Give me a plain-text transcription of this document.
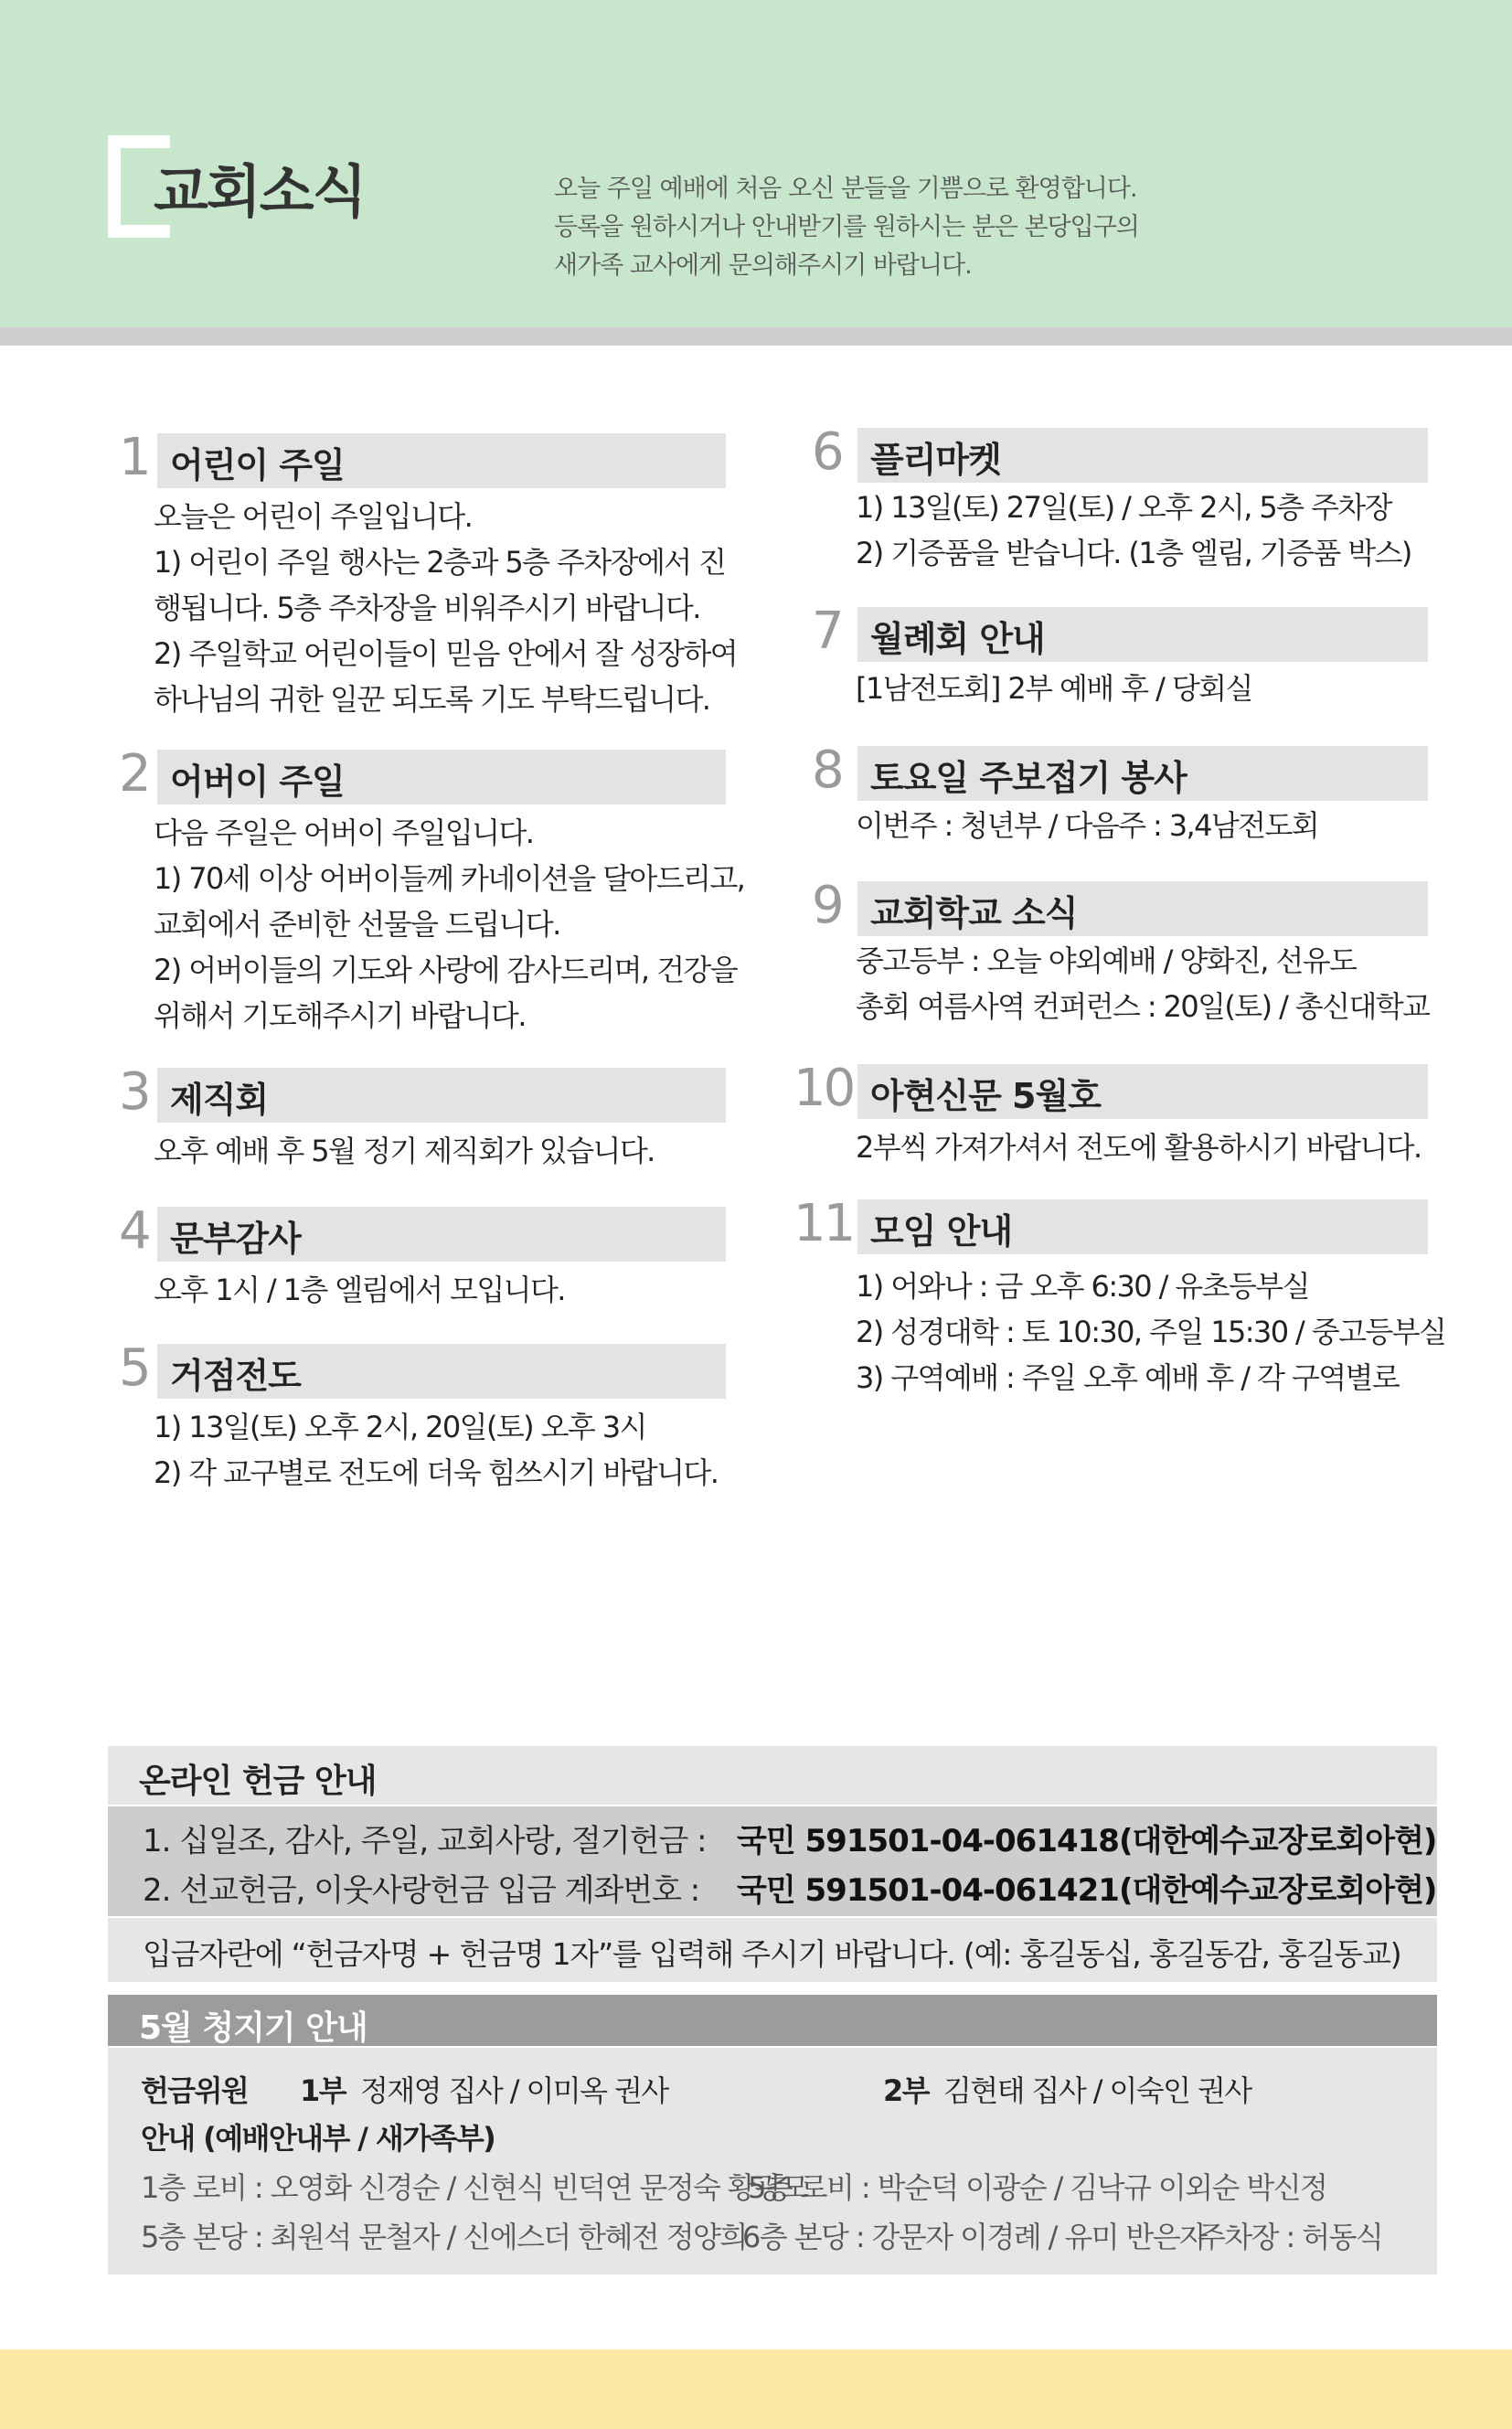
교회소식	오늘 주일 예배에 처음 오신 분들을 기쁨으로 환영합니다.
등록을 원하시거나 안내받기를 원하시는 분은 본당입구의
새가족 교사에게 문의해주시기 바랍니다.
1 어린이 주일
오늘은 어린이 주일입니다.
1) 어린이 주일 행사는 2층과 5층 주차장에서 진
행됩니다. 5층 주차장을 비워주시기 바랍니다.
2) 주일학교 어린이들이 믿음 안에서 잘 성장하여
하나님의 귀한 일꾼 되도록 기도 부탁드립니다.
2 어버이 주일
다음 주일은 어버이 주일입니다.
1) 70세 이상 어버이들께 카네이션을 달아드리고,
교회에서 준비한 선물을 드립니다.
2) 어버이들의 기도와 사랑에 감사드리며, 건강을
위해서 기도해주시기 바랍니다.
3 제직회
오후 예배 후 5월 정기 제직회가 있습니다.
4 문부감사
오후 1시 / 1층 엘림에서 모입니다.
5 거점전도
1) 13일(토) 오후 2시, 20일(토) 오후 3시
2) 각 교구별로 전도에 더욱 힘쓰시기 바랍니다.
6 플리마켓
1) 13일(토) 27일(토) / 오후 2시, 5층 주차장
2) 기증품을 받습니다. (1층 엘림, 기증품 박스)
7 월례회 안내
[1남전도회] 2부 예배 후 / 당회실
8 토요일 주보접기 봉사
이번주 : 청년부 / 다음주 : 3,4남전도회
9 교회학교 소식
중고등부 : 오늘 야외예배 / 양화진, 선유도
총회 여름사역 컨퍼런스 : 20일(토) / 총신대학교
10 아현신문 5월호
2부씩 가져가셔서 전도에 활용하시기 바랍니다.
11 모임 안내
1) 어와나 : 금 오후 6:30 / 유초등부실
2) 성경대학 : 토 10:30, 주일 15:30 / 중고등부실
3) 구역예배 : 주일 오후 예배 후 / 각 구역별로
온라인 헌금 안내
1. 십일조, 감사, 주일, 교회사랑, 절기헌금 : 국민 591501-04-061418(대한예수교장로회아현)
2. 선교헌금, 이웃사랑헌금 입금 계좌번호 : 국민 591501-04-061421(대한예수교장로회아현)
입금자란에 “헌금자명 + 헌금명 1자”를 입력해 주시기 바랍니다. (예: 홍길동십, 홍길동감, 홍길동교)
5월 청지기 안내
헌금위원 1부 정재영 집사 / 이미옥 권사	2부 김현태 집사 / 이숙인 권사
안내 (예배안내부 / 새가족부)
1층 로비 : 오영화 신경순 / 신현식 빈덕연 문정숙 황광모
5층 로비 : 박순덕 이광순 / 김낙규 이외순 박신정
5층 본당 : 최원석 문철자 / 신에스더 한혜전 정양희
6층 본당 : 강문자 이경례 / 유미 반은자
주차장 : 허동식
